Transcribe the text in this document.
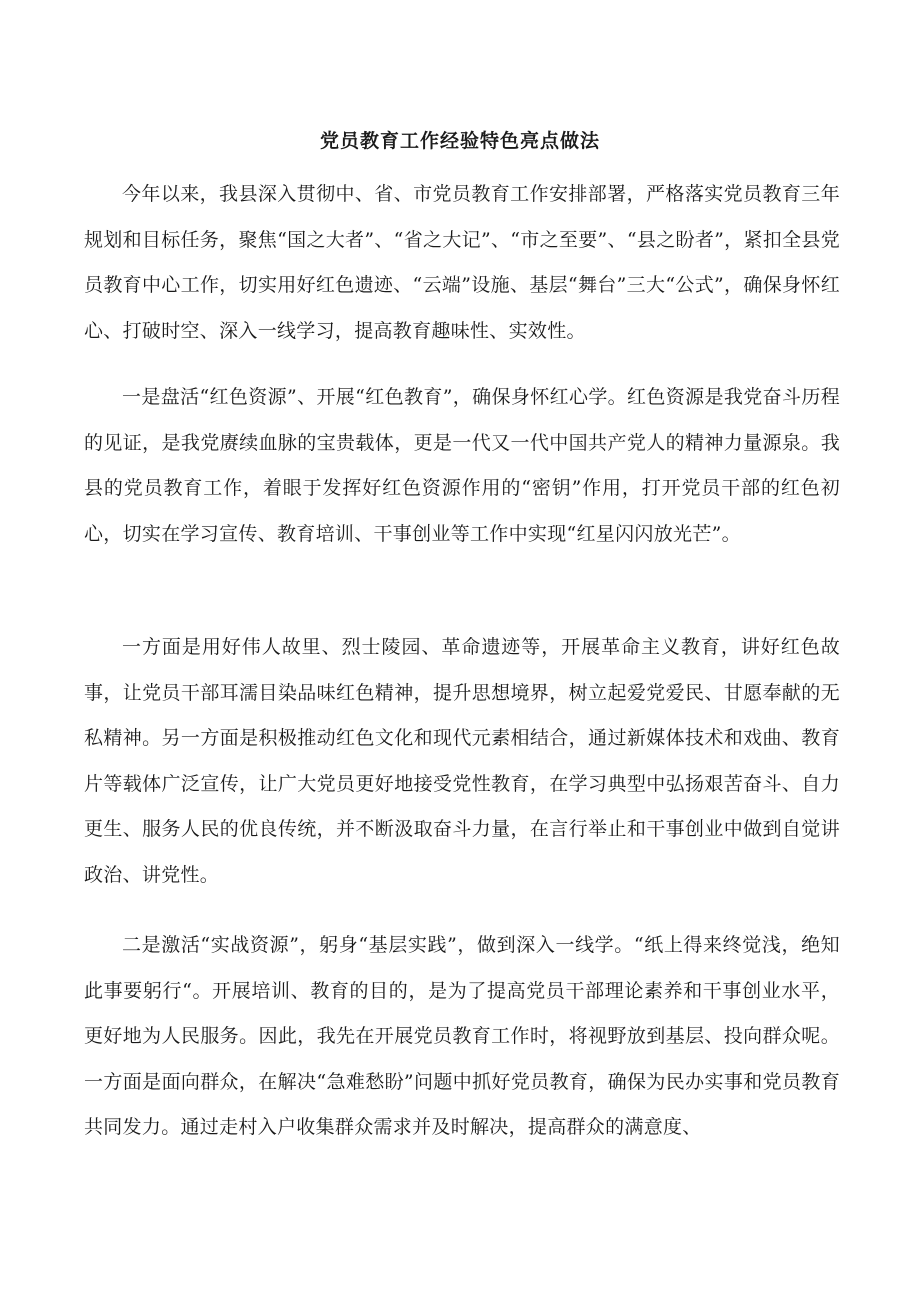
党员教育工作经验特色亮点做法

今年以来，我县深入贯彻中、省、市党员教育工作安排部署，严格落实党员教育三年规划和目标任务，聚焦“国之大者”、“省之大记”、“市之至要”、“县之盼者”，紧扣全县党员教育中心工作，切实用好红色遗迹、“云端”设施、基层“舞台”三大“公式”，确保身怀红心、打破时空、深入一线学习，提高教育趣味性、实效性。

一是盘活“红色资源”、开展“红色教育”，确保身怀红心学。红色资源是我党奋斗历程的见证，是我党赓续血脉的宝贵载体，更是一代又一代中国共产党人的精神力量源泉。我县的党员教育工作，着眼于发挥好红色资源作用的“密钥”作用，打开党员干部的红色初心，切实在学习宣传、教育培训、干事创业等工作中实现“红星闪闪放光芒”。

一方面是用好伟人故里、烈士陵园、革命遗迹等，开展革命主义教育，讲好红色故事，让党员干部耳濡目染品味红色精神，提升思想境界，树立起爱党爱民、甘愿奉献的无私精神。另一方面是积极推动红色文化和现代元素相结合，通过新媒体技术和戏曲、教育片等载体广泛宣传，让广大党员更好地接受党性教育，在学习典型中弘扬艰苦奋斗、自力更生、服务人民的优良传统，并不断汲取奋斗力量，在言行举止和干事创业中做到自觉讲政治、讲党性。

二是激活“实战资源”，躬身“基层实践”，做到深入一线学。“纸上得来终觉浅，绝知此事要躬行“。开展培训、教育的目的，是为了提高党员干部理论素养和干事创业水平，更好地为人民服务。因此，我先在开展党员教育工作时，将视野放到基层、投向群众呢。一方面是面向群众，在解决“急难愁盼”问题中抓好党员教育，确保为民办实事和党员教育共同发力。通过走村入户收集群众需求并及时解决，提高群众的满意度、
